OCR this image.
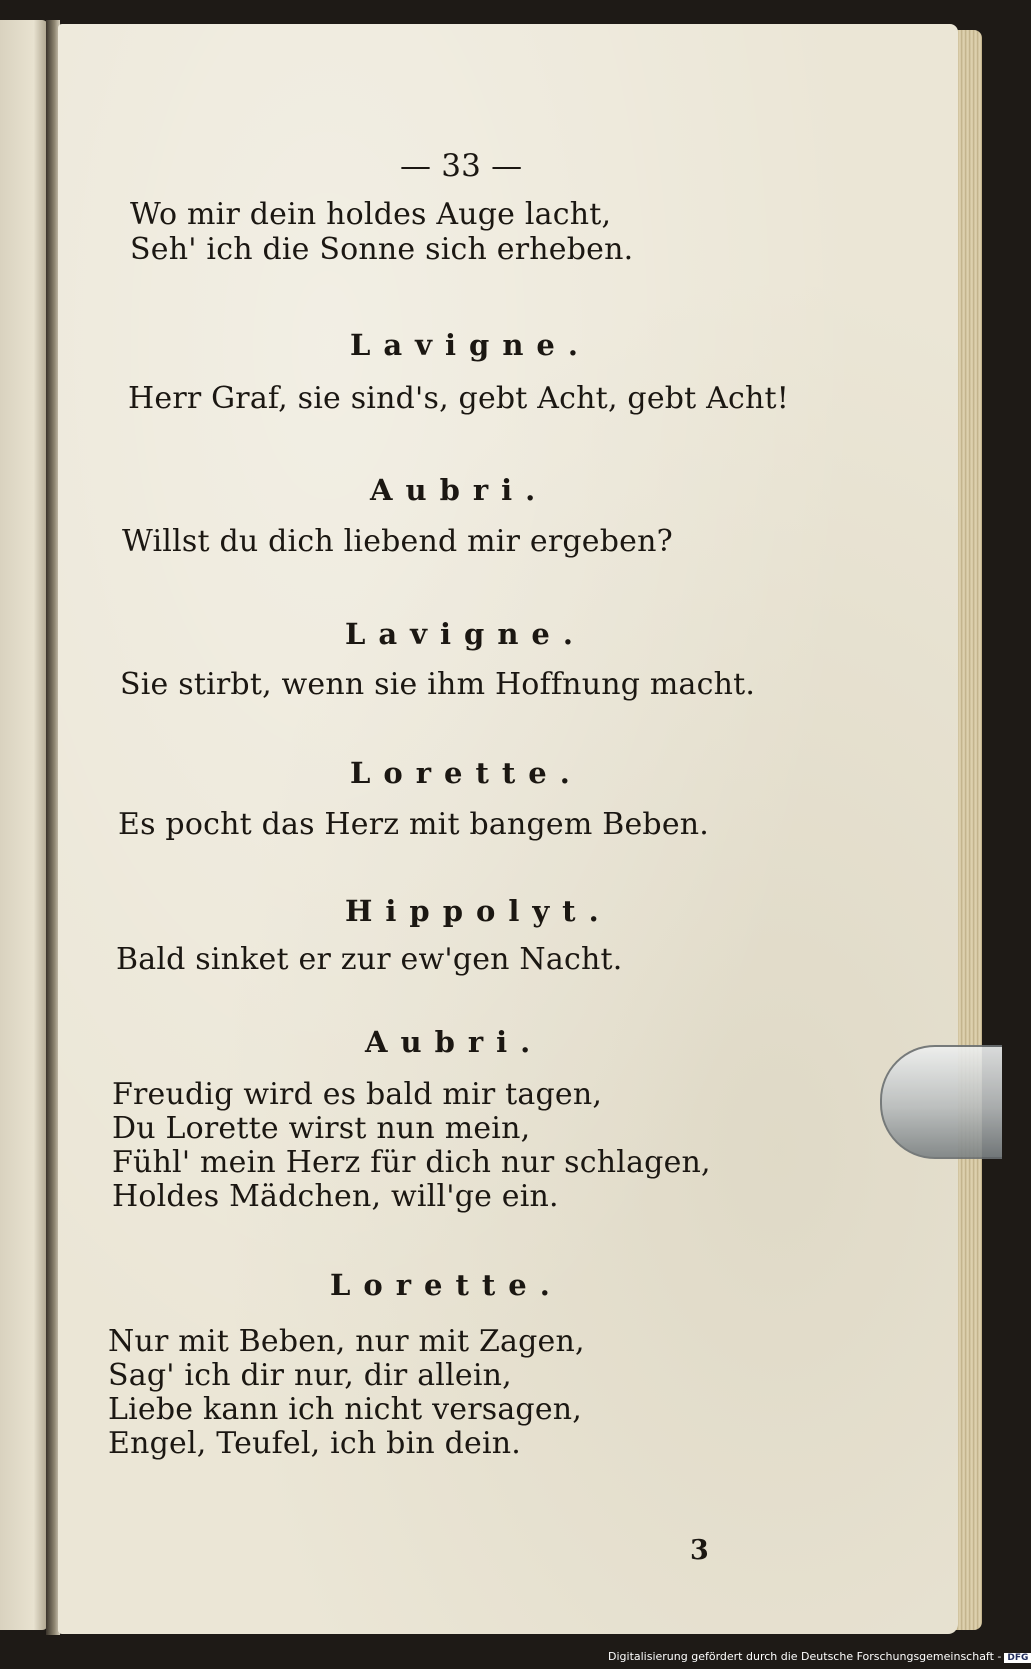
— 33 —
Wo mir dein holdes Auge lacht,
Seh' ich die Sonne sich erheben.
Lavigne.
Herr Graf, sie sind's, gebt Acht, gebt Acht!
Aubri.
Willst du dich liebend mir ergeben?
Lavigne.
Sie stirbt, wenn sie ihm Hoffnung macht.
Lorette.
Es pocht das Herz mit bangem Beben.
Hippolyt.
Bald sinket er zur ew'gen Nacht.
Aubri.
Freudig wird es bald mir tagen,
Du Lorette wirst nun mein,
Fühl' mein Herz für dich nur schlagen,
Holdes Mädchen, will'ge ein.
Lorette.
Nur mit Beben, nur mit Zagen,
Sag' ich dir nur, dir allein,
Liebe kann ich nicht versagen,
Engel, Teufel, ich bin dein.
3
Digitalisierung gefördert durch die Deutsche Forschungsgemeinschaft - DFG
